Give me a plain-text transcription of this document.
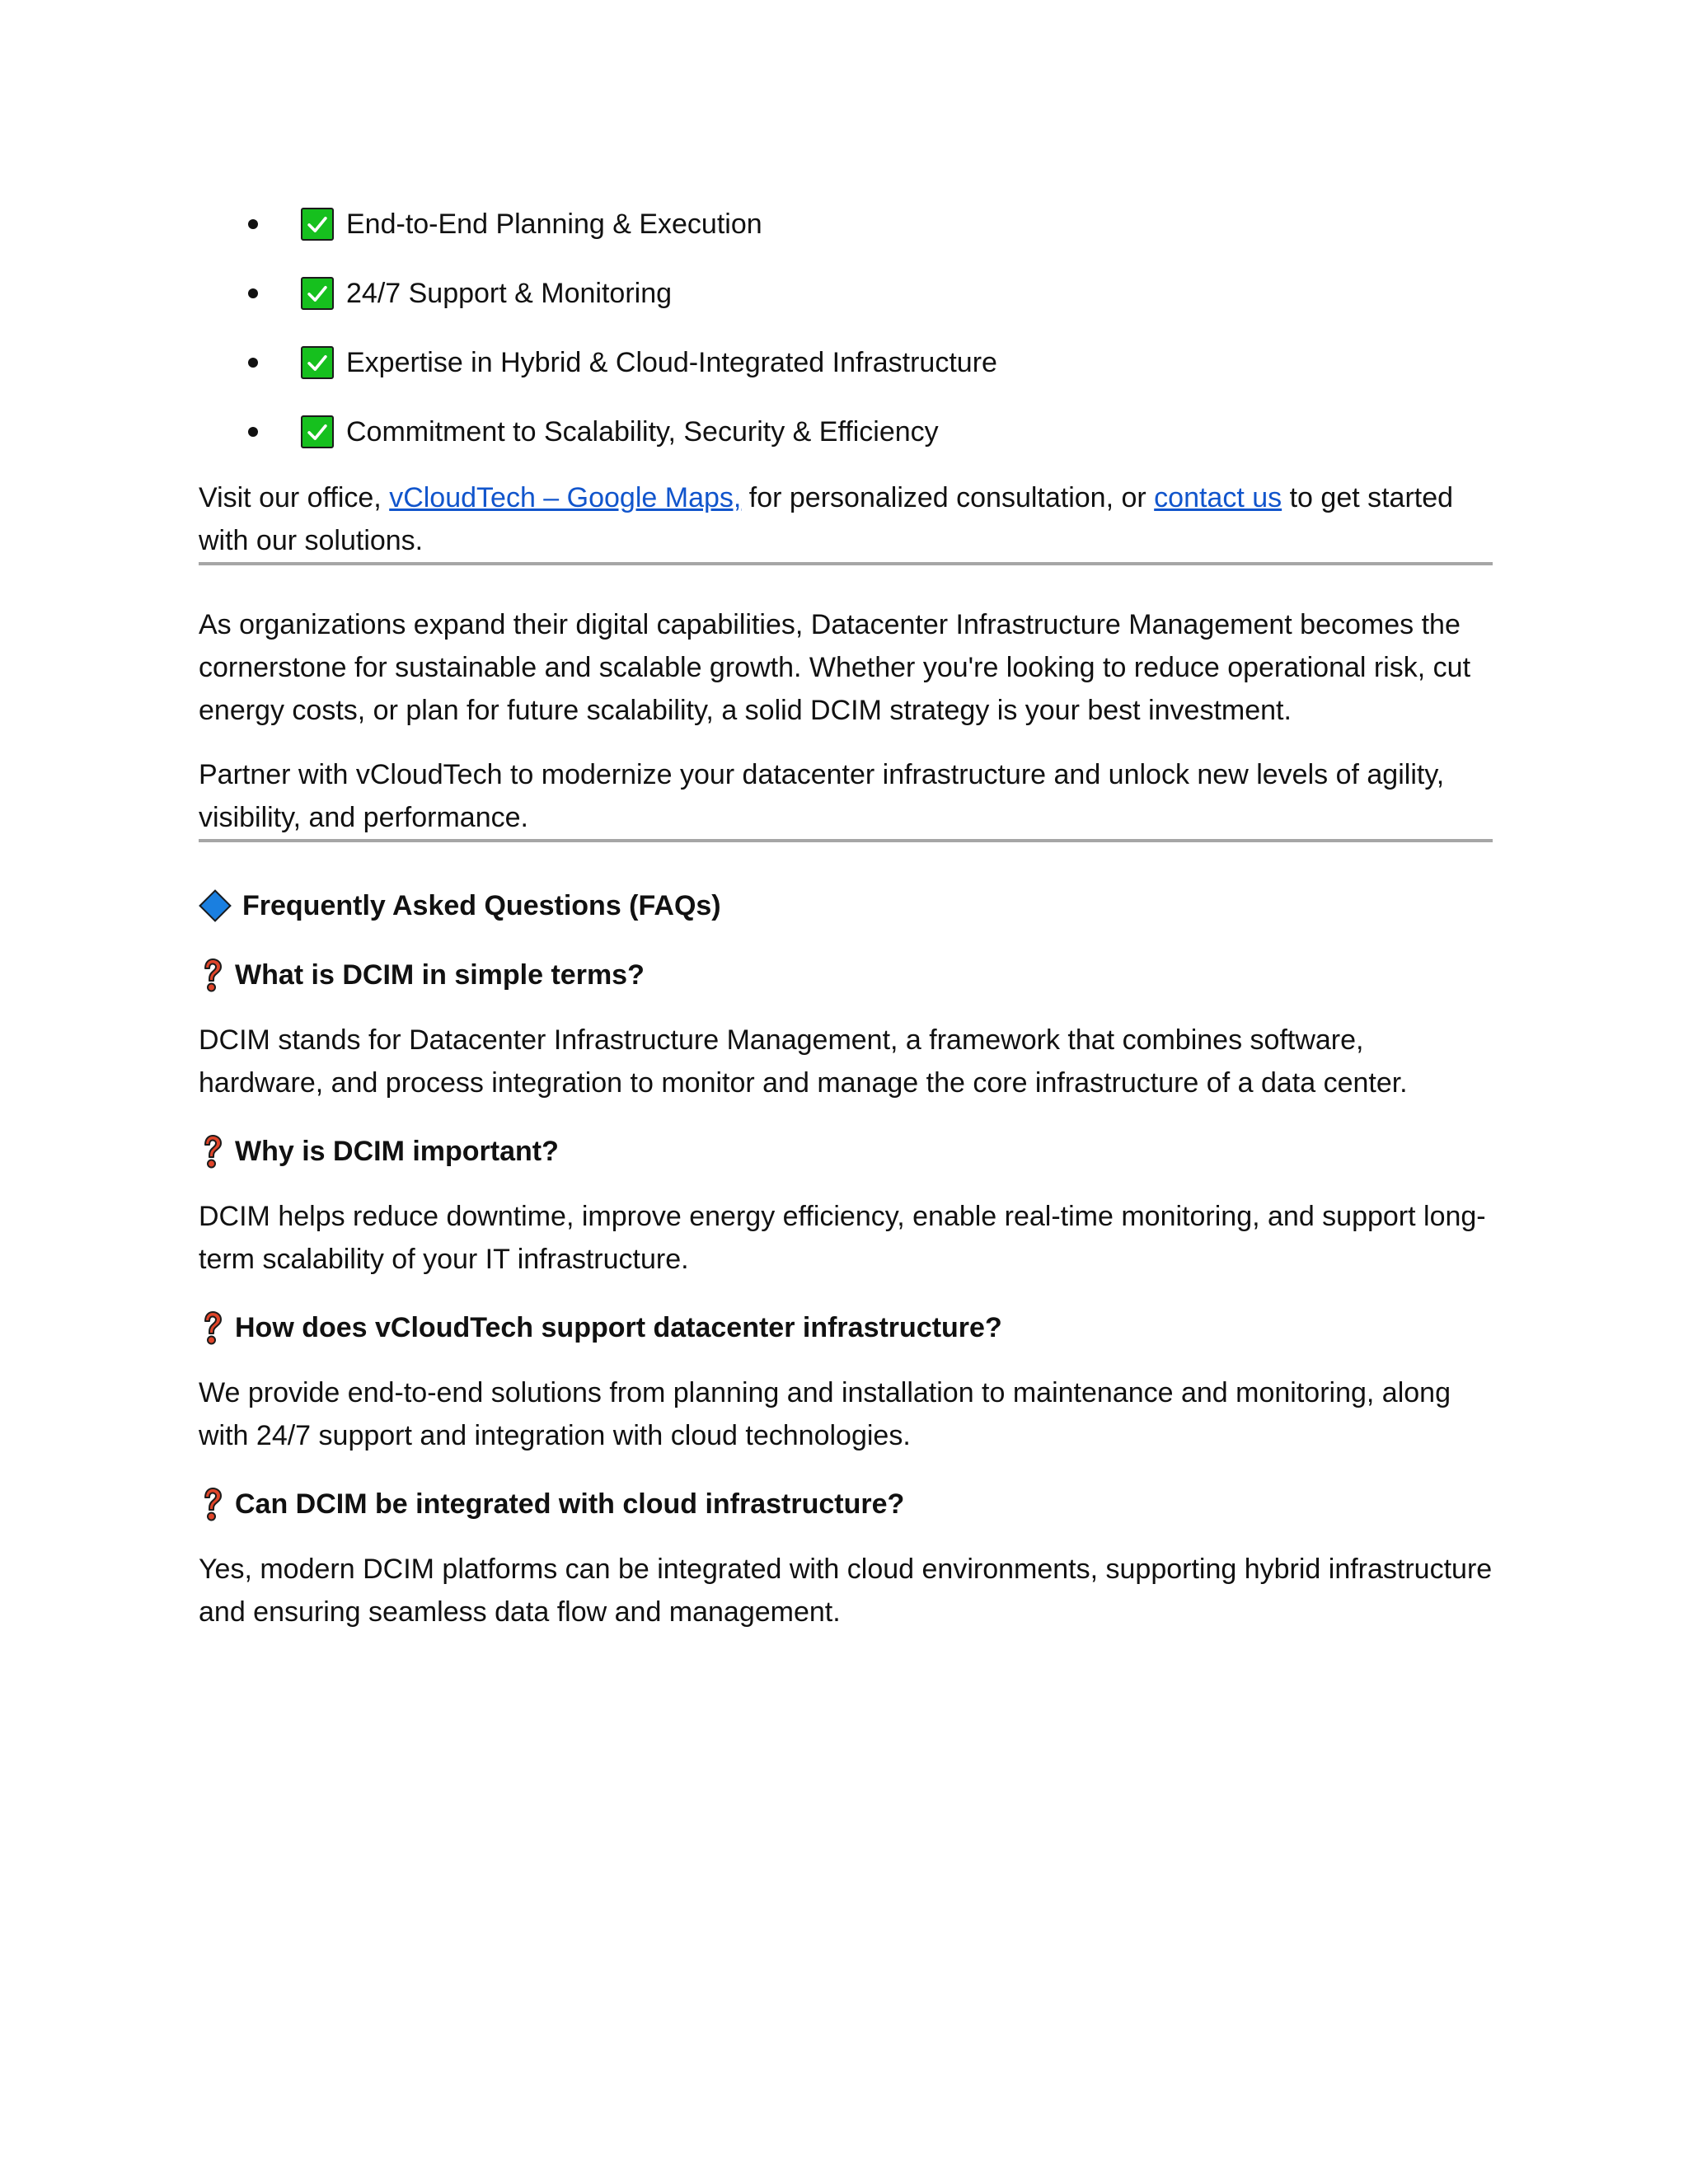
End-to-End Planning & Execution
24/7 Support & Monitoring
Expertise in Hybrid & Cloud-Integrated Infrastructure
Commitment to Scalability, Security & Efficiency

Visit our office, vCloudTech – Google Maps, for personalized consultation, or contact us to get started with our solutions.

As organizations expand their digital capabilities, Datacenter Infrastructure Management becomes the cornerstone for sustainable and scalable growth. Whether you're looking to reduce operational risk, cut energy costs, or plan for future scalability, a solid DCIM strategy is your best investment.

Partner with vCloudTech to modernize your datacenter infrastructure and unlock new levels of agility, visibility, and performance.

Frequently Asked Questions (FAQs)
What is DCIM in simple terms?

DCIM stands for Datacenter Infrastructure Management, a framework that combines software, hardware, and process integration to monitor and manage the core infrastructure of a data center.

Why is DCIM important?

DCIM helps reduce downtime, improve energy efficiency, enable real-time monitoring, and support long-term scalability of your IT infrastructure.

How does vCloudTech support datacenter infrastructure?

We provide end-to-end solutions from planning and installation to maintenance and monitoring, along with 24/7 support and integration with cloud technologies.

Can DCIM be integrated with cloud infrastructure?

Yes, modern DCIM platforms can be integrated with cloud environments, supporting hybrid infrastructure and ensuring seamless data flow and management.
